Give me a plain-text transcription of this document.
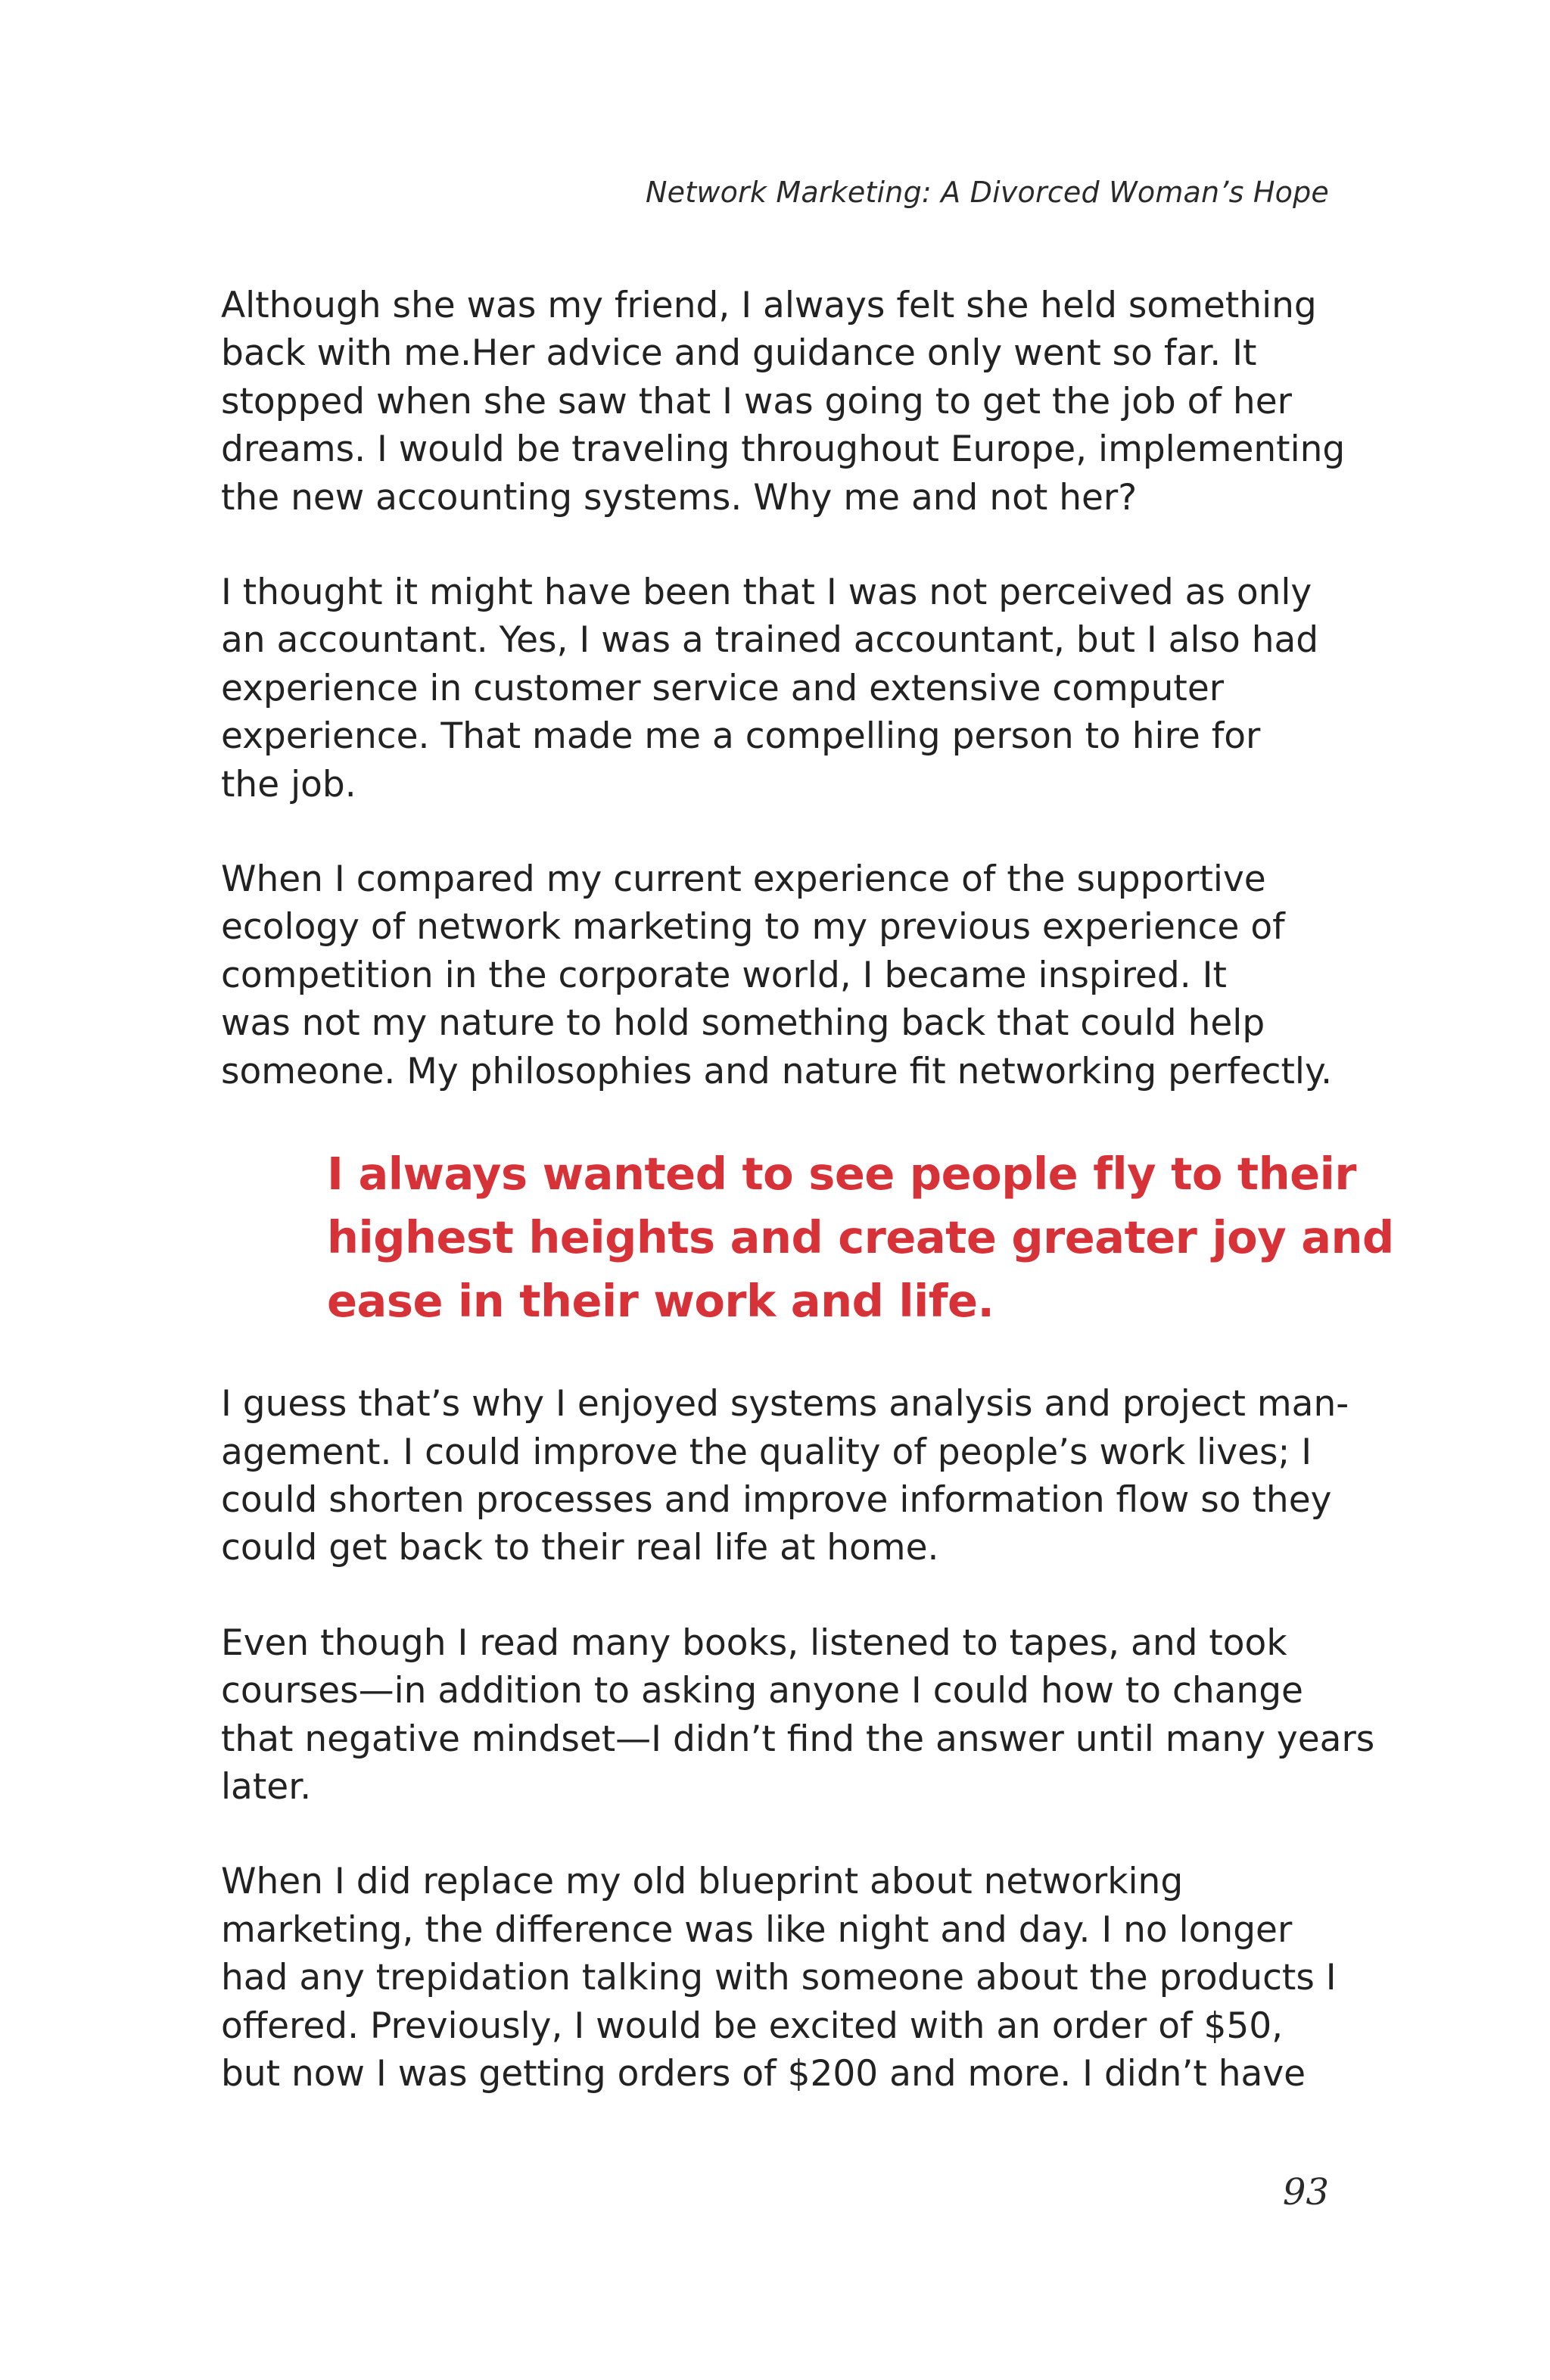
Network Marketing: A Divorced Woman’s Hope

Although she was my friend, I always felt she held something
back with me.Her advice and guidance only went so far. It
stopped when she saw that I was going to get the job of her
dreams. I would be traveling throughout Europe, implementing
the new accounting systems. Why me and not her?

I thought it might have been that I was not perceived as only
an accountant. Yes, I was a trained accountant, but I also had
experience in customer service and extensive computer
experience. That made me a compelling person to hire for
the job.

When I compared my current experience of the supportive
ecology of network marketing to my previous experience of
competition in the corporate world, I became inspired. It
was not my nature to hold something back that could help
someone. My philosophies and nature fit networking perfectly.

I always wanted to see people fly to their
highest heights and create greater joy and
ease in their work and life.

I guess that’s why I enjoyed systems analysis and project man-
agement. I could improve the quality of people’s work lives; I
could shorten processes and improve information flow so they
could get back to their real life at home.

Even though I read many books, listened to tapes, and took
courses—in addition to asking anyone I could how to change
that negative mindset—I didn’t find the answer until many years
later.

When I did replace my old blueprint about networking
marketing, the difference was like night and day. I no longer
had any trepidation talking with someone about the products I
offered. Previously, I would be excited with an order of $50,
but now I was getting orders of $200 and more. I didn’t have

93
